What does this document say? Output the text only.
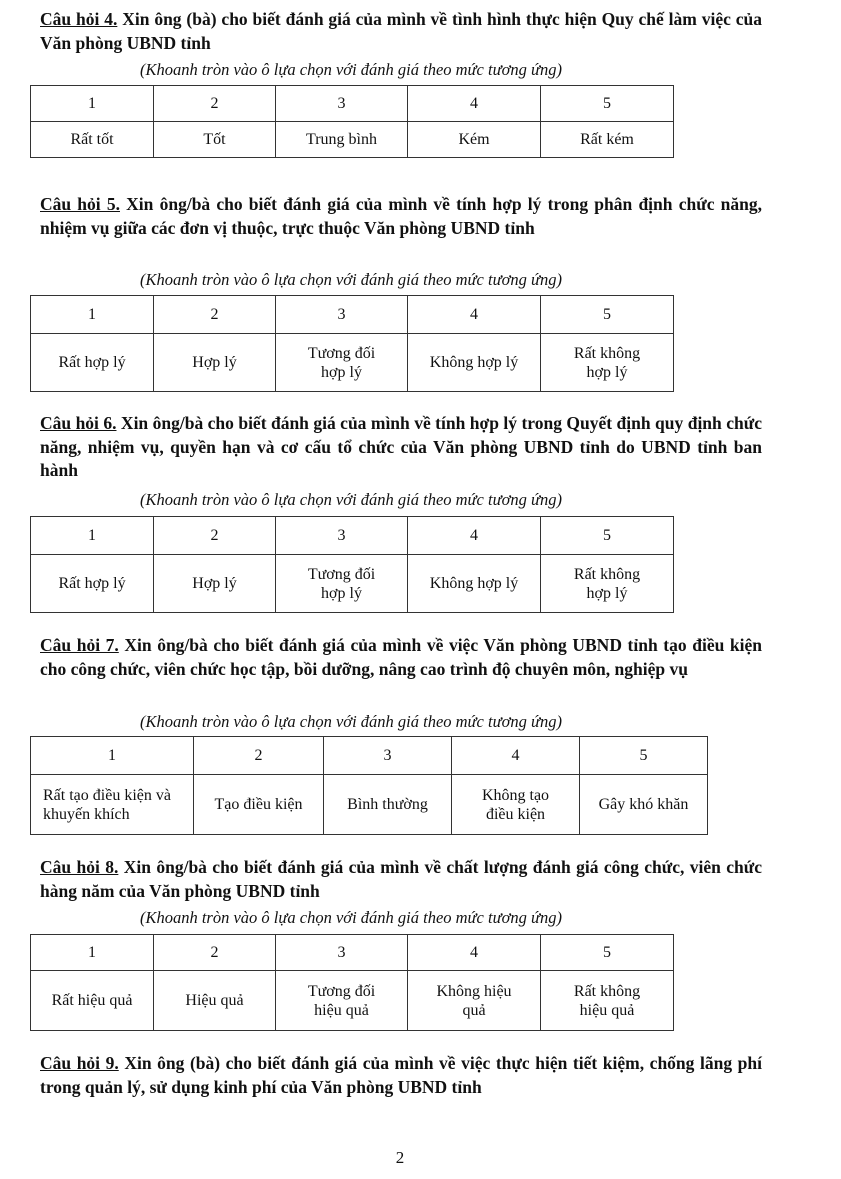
Câu hỏi 4. Xin ông (bà) cho biết đánh giá của mình về tình hình thực hiện Quy chế làm việc của Văn phòng UBND tỉnh
(Khoanh tròn vào ô lựa chọn với đánh giá theo mức tương ứng)
1	2	3	4	5
Rất tốt	Tốt	Trung bình	Kém	Rất kém
Câu hỏi 5. Xin ông/bà cho biết đánh giá của mình về tính hợp lý trong phân định chức năng, nhiệm vụ giữa các đơn vị thuộc, trực thuộc Văn phòng UBND tỉnh
(Khoanh tròn vào ô lựa chọn với đánh giá theo mức tương ứng)
1	2	3	4	5
Rất hợp lý	Hợp lý	Tương đối hợp lý	Không hợp lý	Rất không hợp lý
Câu hỏi 6. Xin ông/bà cho biết đánh giá của mình về tính hợp lý trong Quyết định quy định chức năng, nhiệm vụ, quyền hạn và cơ cấu tổ chức của Văn phòng UBND tỉnh do UBND tỉnh ban hành
(Khoanh tròn vào ô lựa chọn với đánh giá theo mức tương ứng)
1	2	3	4	5
Rất hợp lý	Hợp lý	Tương đối hợp lý	Không hợp lý	Rất không hợp lý
Câu hỏi 7. Xin ông/bà cho biết đánh giá của mình về việc Văn phòng UBND tỉnh tạo điều kiện cho công chức, viên chức học tập, bồi dưỡng, nâng cao trình độ chuyên môn, nghiệp vụ
(Khoanh tròn vào ô lựa chọn với đánh giá theo mức tương ứng)
1	2	3	4	5
Rất tạo điều kiện và khuyến khích	Tạo điều kiện	Bình thường	Không tạo điều kiện	Gây khó khăn
Câu hỏi 8. Xin ông/bà cho biết đánh giá của mình về chất lượng đánh giá công chức, viên chức hàng năm của Văn phòng UBND tỉnh
(Khoanh tròn vào ô lựa chọn với đánh giá theo mức tương ứng)
1	2	3	4	5
Rất hiệu quả	Hiệu quả	Tương đối hiệu quả	Không hiệu quả	Rất không hiệu quả
Câu hỏi 9. Xin ông (bà) cho biết đánh giá của mình về việc thực hiện tiết kiệm, chống lãng phí trong quản lý, sử dụng kinh phí của Văn phòng UBND tỉnh
2
